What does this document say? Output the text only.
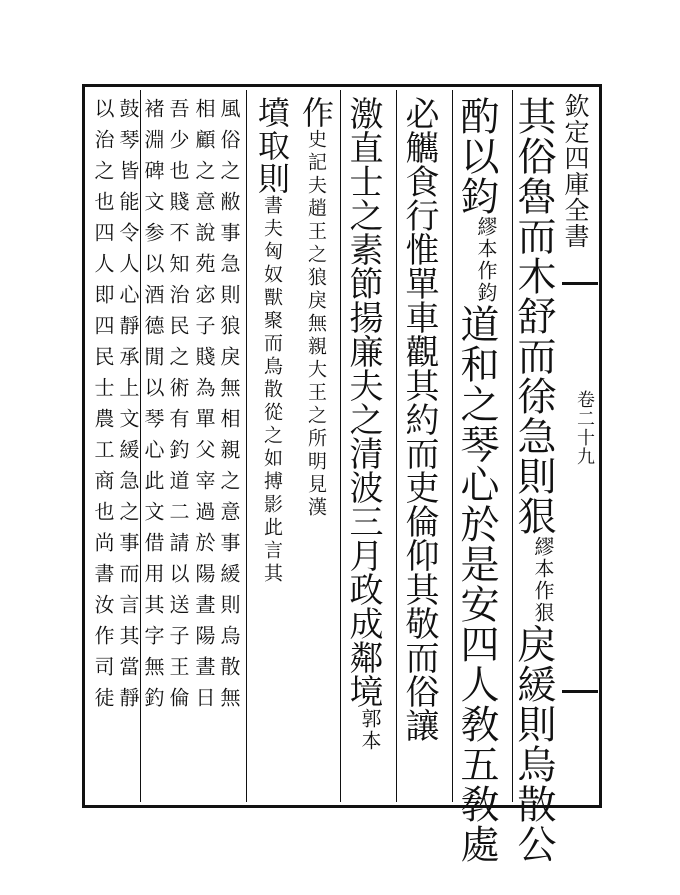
欽定四庫全書
卷二十九
其俗魯而木舒而徐急則狠繆本作狠戾緩則烏散公
酌以鈞繆本作鈞道和之琴心於是安四人敎五敎處
必觽食行惟單車觀其約而吏倫仰其敬而俗讓
激直士之素節揚廉夫之清波三月政成鄰境郭本
作史記夫趙王之狼戾無親大王之所明見漢
墳取則書夫匈奴獸聚而鳥散從之如搏影此言其
風俗之敝事急則狼戾無相親之意事緩則烏散無
相顧之意說苑宓子賤為單父宰過於陽晝陽晝日
吾少也賤不知治民之術有釣道二請以送子王倫
褚淵碑文参以酒德閒以琴心此文借用其字無釣
鼓琴皆能令人心靜承上文緩急之事而言其當靜
以治之也四人即四民士農工商也尚書汝作司徒
